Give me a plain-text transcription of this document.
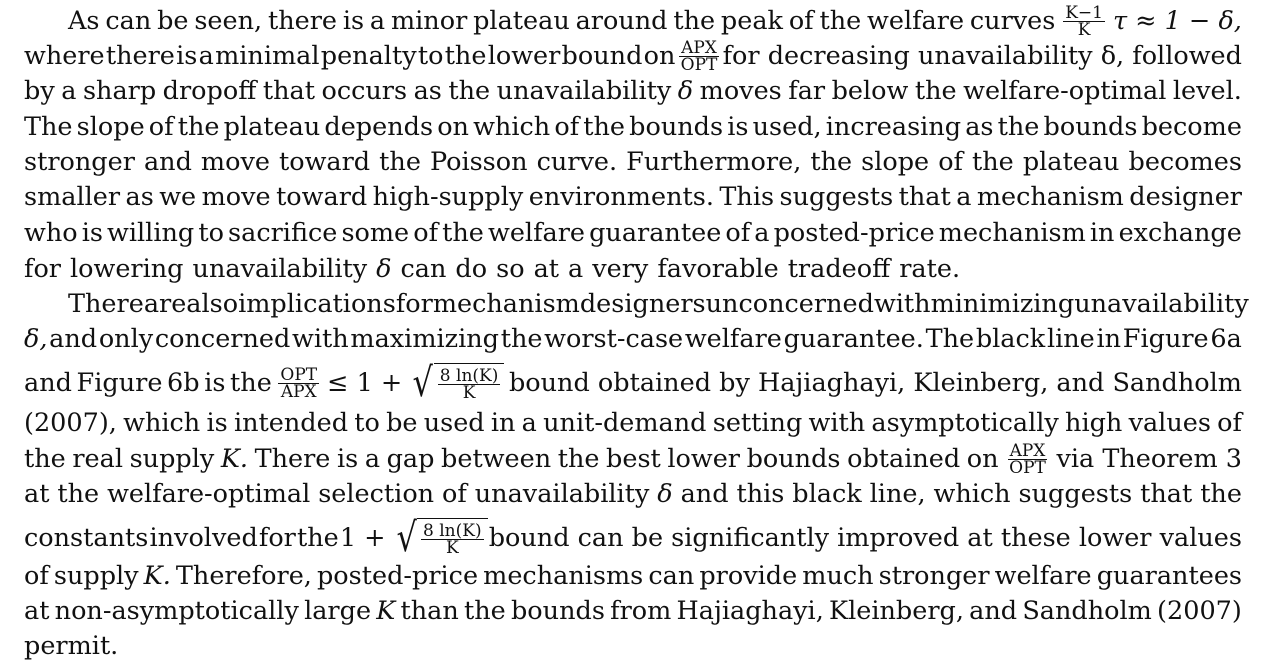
As can be seen, there is a minor plateau around the peak of the welfare curves $\frac{K-1}{K}$ τ ≈ 1 − δ,
where there is a minimal penalty to the lower bound on $\frac{\text{APX}}{\text{OPT}}$ for decreasing unavailability δ, followed
by a sharp dropoff that occurs as the unavailability δ moves far below the welfare-optimal level.
The slope of the plateau depends on which of the bounds is used, increasing as the bounds become
stronger and move toward the Poisson curve. Furthermore, the slope of the plateau becomes
smaller as we move toward high-supply environments. This suggests that a mechanism designer
who is willing to sacrifice some of the welfare guarantee of a posted-price mechanism in exchange
for lowering unavailability δ can do so at a very favorable tradeoff rate.
There are also implications for mechanism designers unconcerned with minimizing unavailability
δ, and only concerned with maximizing the worst-case welfare guarantee. The black line in Figure 6a
and Figure 6b is the $\frac{\text{OPT}}{\text{APX}} \le 1$ + √ $\frac{8 \ln(K)}{K}$ bound obtained by Hajiaghayi, Kleinberg, and Sandholm
(2007), which is intended to be used in a unit-demand setting with asymptotically high values of
the real supply K. There is a gap between the best lower bounds obtained on $\frac{\text{APX}}{\text{OPT}}$ via Theorem 3
at the welfare-optimal selection of unavailability δ and this black line, which suggests that the
constants involved for the 1 + √ $\frac{8 \ln(K)}{K}$ bound can be significantly improved at these lower values
of supply K. Therefore, posted-price mechanisms can provide much stronger welfare guarantees
at non-asymptotically large K than the bounds from Hajiaghayi, Kleinberg, and Sandholm (2007)
permit.
